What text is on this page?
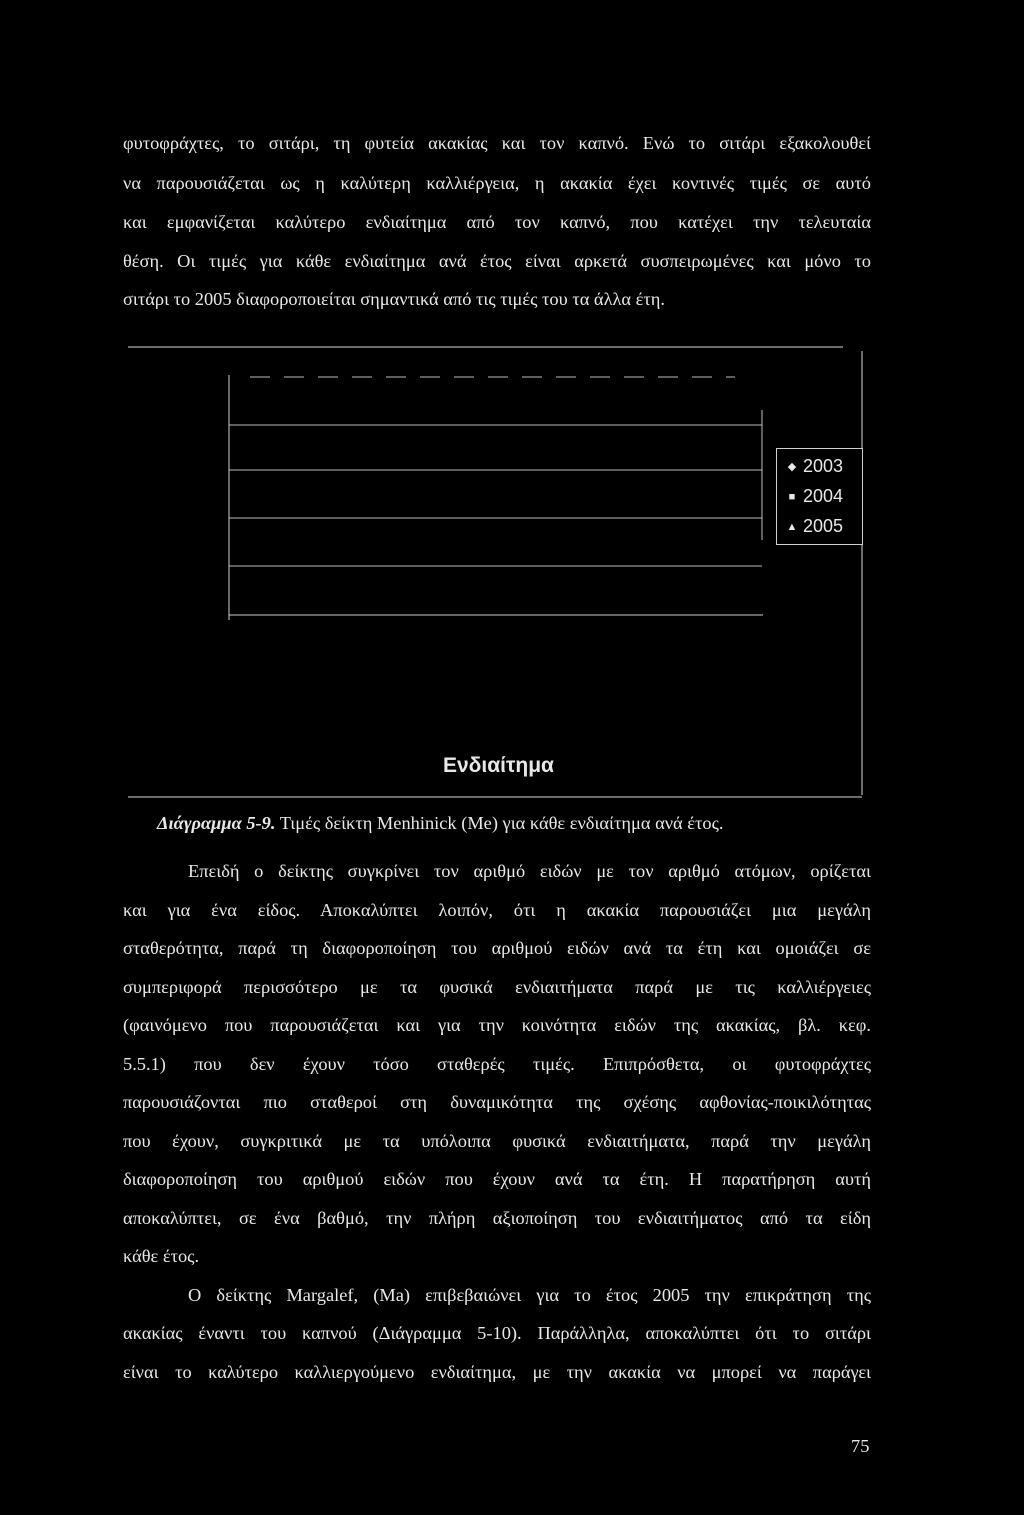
φυτοφράχτες, το σιτάρι, τη φυτεία ακακίας και τον καπνό. Ενώ το σιτάρι εξακολουθεί
να παρουσιάζεται ως η καλύτερη καλλιέργεια, η ακακία έχει κοντινές τιμές σε αυτό
και εμφανίζεται καλύτερο ενδιαίτημα από τον καπνό, που κατέχει την τελευταία
θέση. Οι τιμές για κάθε ενδιαίτημα ανά έτος είναι αρκετά συσπειρωμένες και μόνο το
σιτάρι το 2005 διαφοροποιείται σημαντικά από τις τιμές του τα άλλα έτη.
◆ 2003
■ 2004
▲ 2005
Ενδιαίτημα
Διάγραμμα 5-9. Τιμές δείκτη Menhinick (Me) για κάθε ενδιαίτημα ανά έτος.
Επειδή ο δείκτης συγκρίνει τον αριθμό ειδών με τον αριθμό ατόμων, ορίζεται
και για ένα είδος. Αποκαλύπτει λοιπόν, ότι η ακακία παρουσιάζει μια μεγάλη
σταθερότητα, παρά τη διαφοροποίηση του αριθμού ειδών ανά τα έτη και ομοιάζει σε
συμπεριφορά περισσότερο με τα φυσικά ενδιαιτήματα παρά με τις καλλιέργειες
(φαινόμενο που παρουσιάζεται και για την κοινότητα ειδών της ακακίας, βλ. κεφ.
5.5.1) που δεν έχουν τόσο σταθερές τιμές. Επιπρόσθετα, οι φυτοφράχτες
παρουσιάζονται πιο σταθεροί στη δυναμικότητα της σχέσης αφθονίας-ποικιλότητας
που έχουν, συγκριτικά με τα υπόλοιπα φυσικά ενδιαιτήματα, παρά την μεγάλη
διαφοροποίηση του αριθμού ειδών που έχουν ανά τα έτη. Η παρατήρηση αυτή
αποκαλύπτει, σε ένα βαθμό, την πλήρη αξιοποίηση του ενδιαιτήματος από τα είδη
κάθε έτος.
Ο δείκτης Margalef, (Ma) επιβεβαιώνει για το έτος 2005 την επικράτηση της
ακακίας έναντι του καπνού (Διάγραμμα 5-10). Παράλληλα, αποκαλύπτει ότι το σιτάρι
είναι το καλύτερο καλλιεργούμενο ενδιαίτημα, με την ακακία να μπορεί να παράγει
75
